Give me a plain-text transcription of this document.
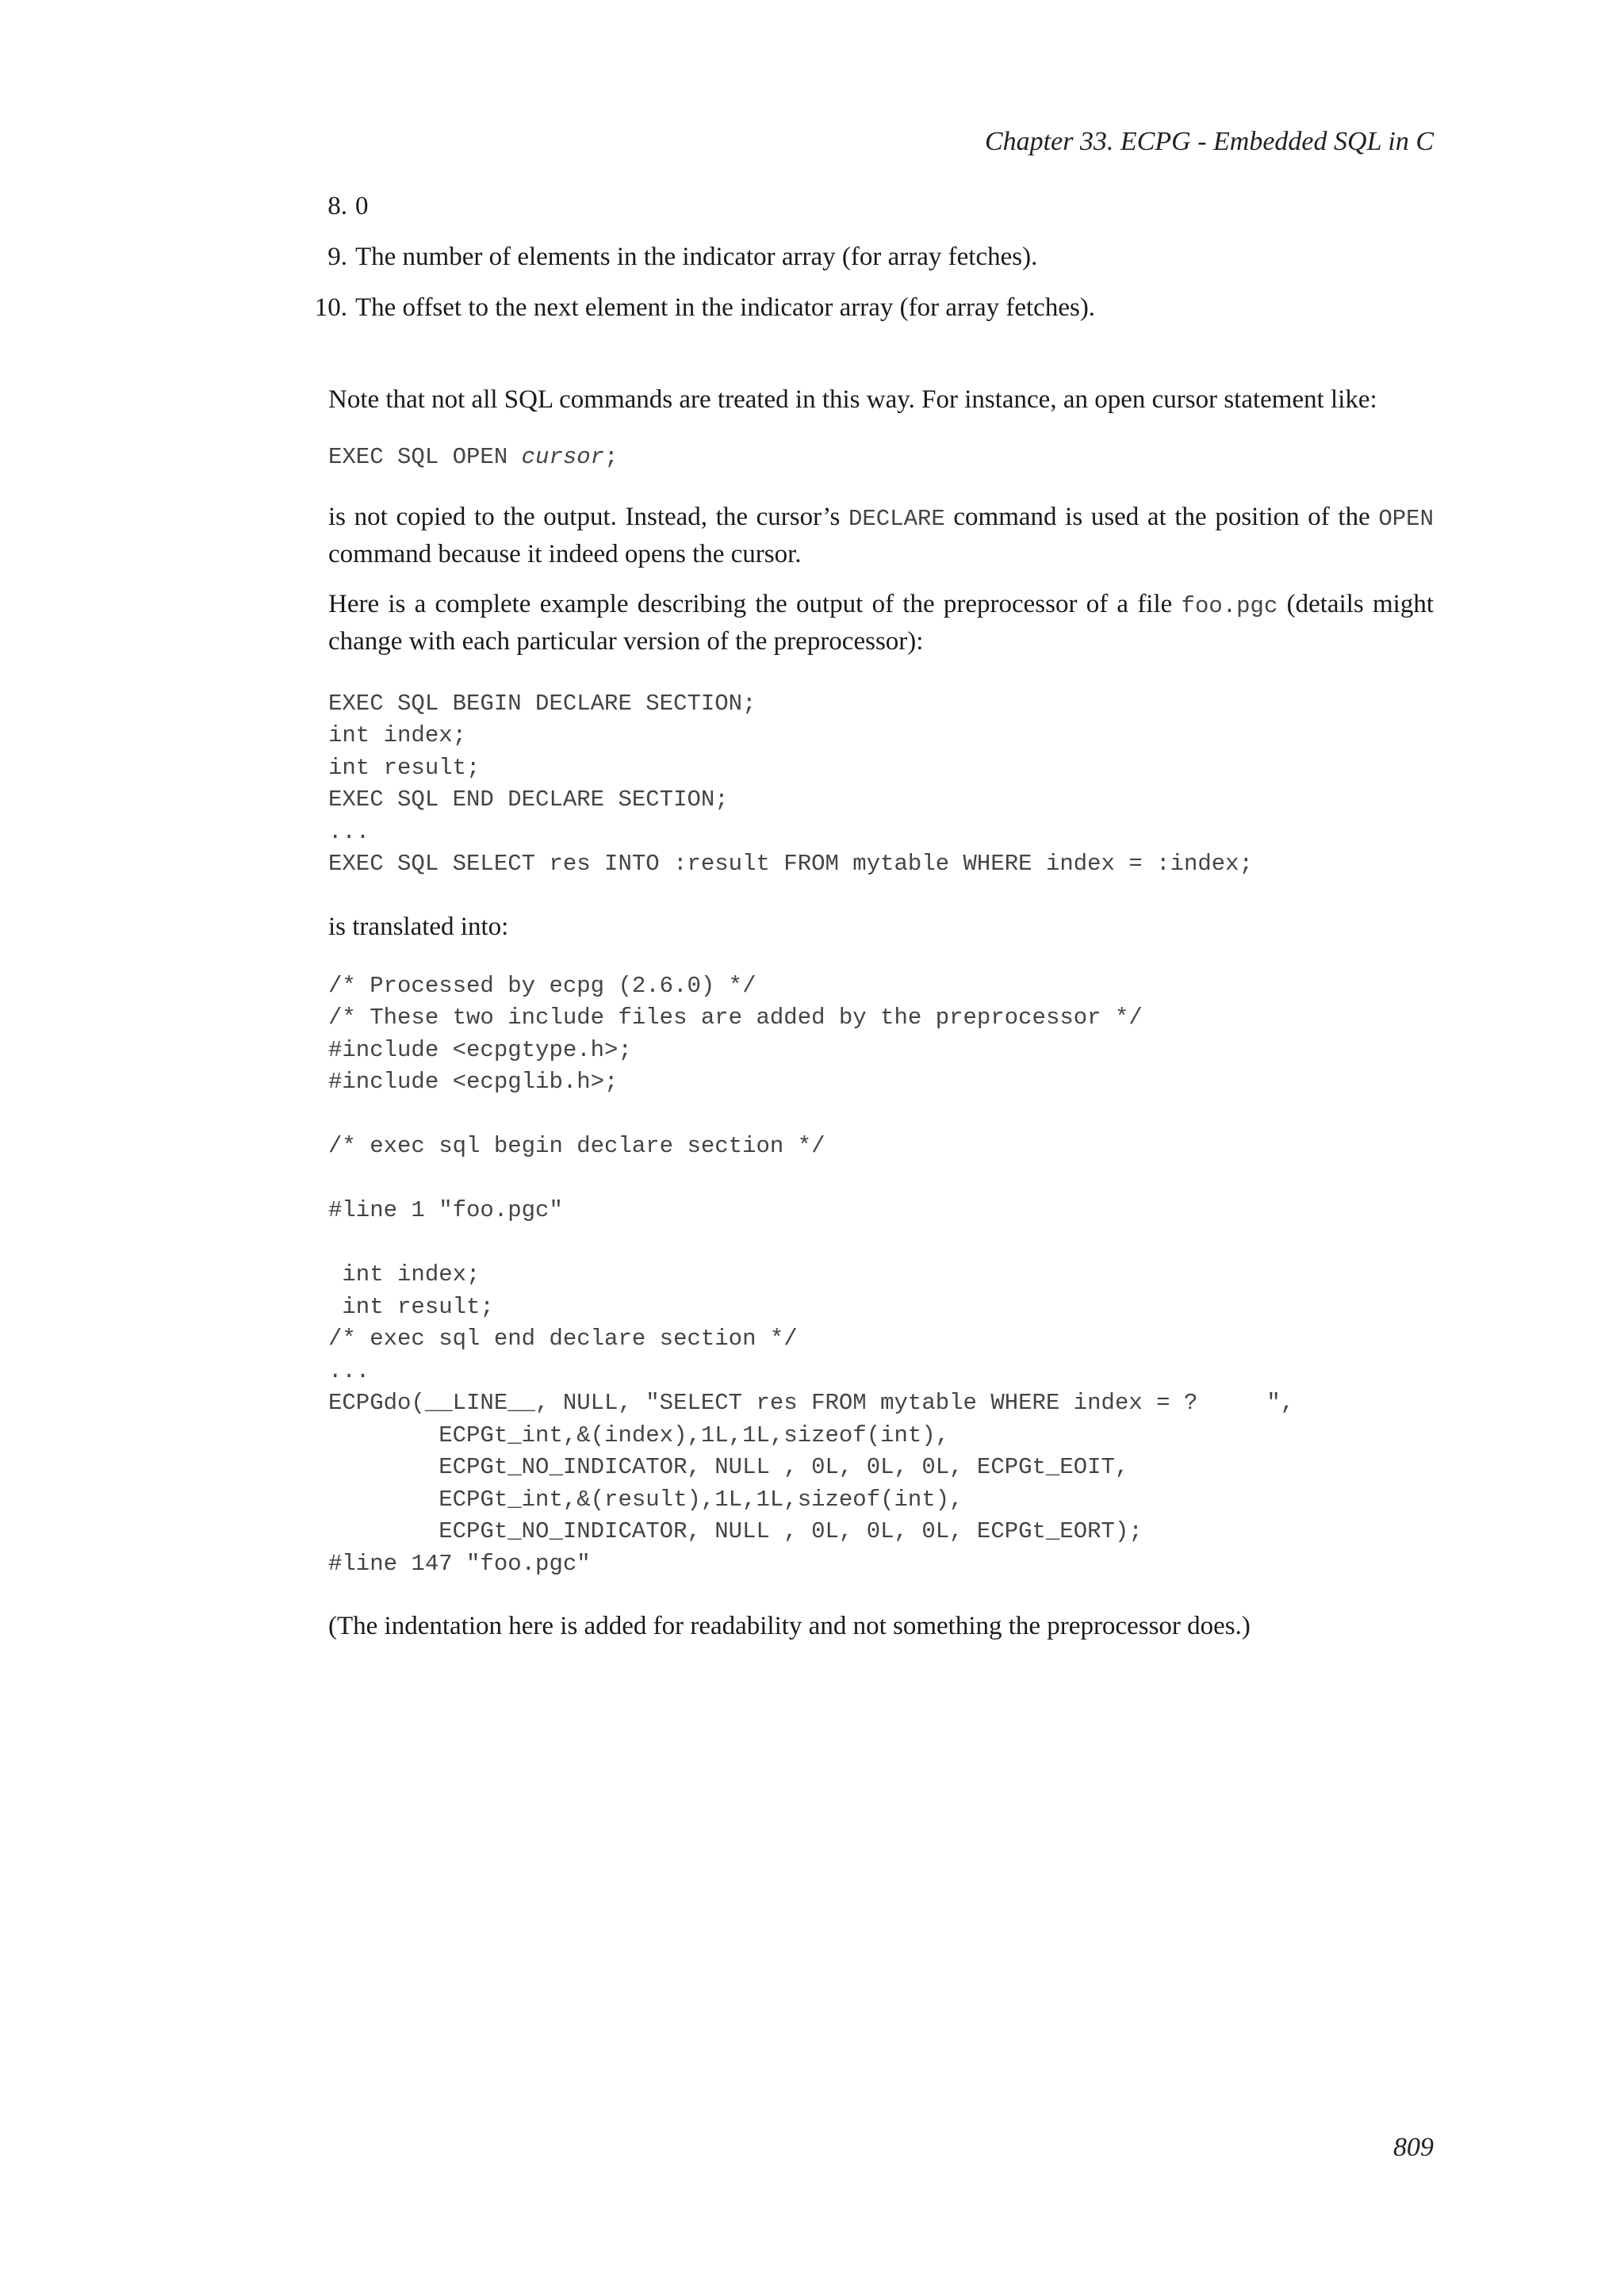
Chapter 33. ECPG - Embedded SQL in C
8. 0
9. The number of elements in the indicator array (for array fetches).
10. The offset to the next element in the indicator array (for array fetches).

Note that not all SQL commands are treated in this way. For instance, an open cursor statement like:

EXEC SQL OPEN cursor;

is not copied to the output. Instead, the cursor’s DECLARE command is used at the position of the OPEN command because it indeed opens the cursor.

Here is a complete example describing the output of the preprocessor of a file foo.pgc (details might change with each particular version of the preprocessor):

EXEC SQL BEGIN DECLARE SECTION;
int index;
int result;
EXEC SQL END DECLARE SECTION;
...
EXEC SQL SELECT res INTO :result FROM mytable WHERE index = :index;

is translated into:

/* Processed by ecpg (2.6.0) */
/* These two include files are added by the preprocessor */
#include <ecpgtype.h>;
#include <ecpglib.h>;

/* exec sql begin declare section */

#line 1 "foo.pgc"

int index;
int result;
/* exec sql end declare section */
...
ECPGdo(__LINE__, NULL, "SELECT res FROM mytable WHERE index = ?     ",
ECPGt_int,&(index),1L,1L,sizeof(int),
ECPGt_NO_INDICATOR, NULL , 0L, 0L, 0L, ECPGt_EOIT,
ECPGt_int,&(result),1L,1L,sizeof(int),
ECPGt_NO_INDICATOR, NULL , 0L, 0L, 0L, ECPGt_EORT);
#line 147 "foo.pgc"

(The indentation here is added for readability and not something the preprocessor does.)

809
